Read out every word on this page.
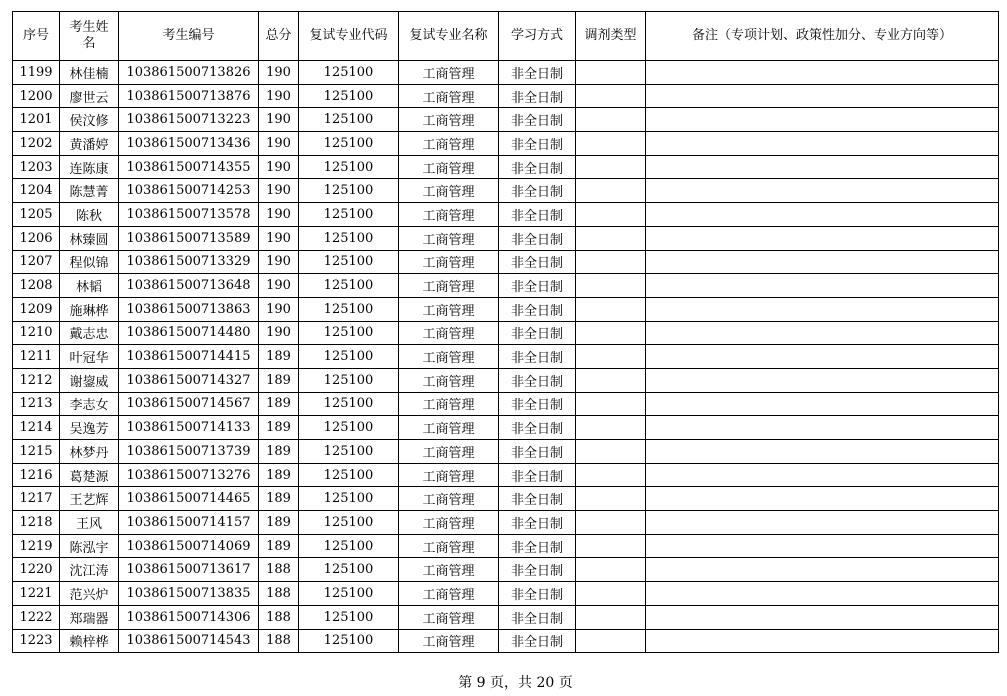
序号	考生姓名	考生编号	总分	复试专业代码	复试专业名称	学习方式	调剂类型	备注（专项计划、政策性加分、专业方向等）
1199	林佳楠	103861500713826	190	125100	工商管理	非全日制		
1200	廖世云	103861500713876	190	125100	工商管理	非全日制		
1201	侯汶修	103861500713223	190	125100	工商管理	非全日制		
1202	黄潘婷	103861500713436	190	125100	工商管理	非全日制		
1203	连陈康	103861500714355	190	125100	工商管理	非全日制		
1204	陈慧菁	103861500714253	190	125100	工商管理	非全日制		
1205	陈秋	103861500713578	190	125100	工商管理	非全日制		
1206	林臻圆	103861500713589	190	125100	工商管理	非全日制		
1207	程似锦	103861500713329	190	125100	工商管理	非全日制		
1208	林韬	103861500713648	190	125100	工商管理	非全日制		
1209	施琳桦	103861500713863	190	125100	工商管理	非全日制		
1210	戴志忠	103861500714480	190	125100	工商管理	非全日制		
1211	叶冠华	103861500714415	189	125100	工商管理	非全日制		
1212	谢鋆威	103861500714327	189	125100	工商管理	非全日制		
1213	李志女	103861500714567	189	125100	工商管理	非全日制		
1214	吴逸芳	103861500714133	189	125100	工商管理	非全日制		
1215	林梦丹	103861500713739	189	125100	工商管理	非全日制		
1216	葛楚源	103861500713276	189	125100	工商管理	非全日制		
1217	王艺辉	103861500714465	189	125100	工商管理	非全日制		
1218	王风	103861500714157	189	125100	工商管理	非全日制		
1219	陈泓宇	103861500714069	189	125100	工商管理	非全日制		
1220	沈江涛	103861500713617	188	125100	工商管理	非全日制		
1221	范兴炉	103861500713835	188	125100	工商管理	非全日制		
1222	郑瑞器	103861500714306	188	125100	工商管理	非全日制		
1223	赖梓桦	103861500714543	188	125100	工商管理	非全日制		
第 9 页，共 20 页
